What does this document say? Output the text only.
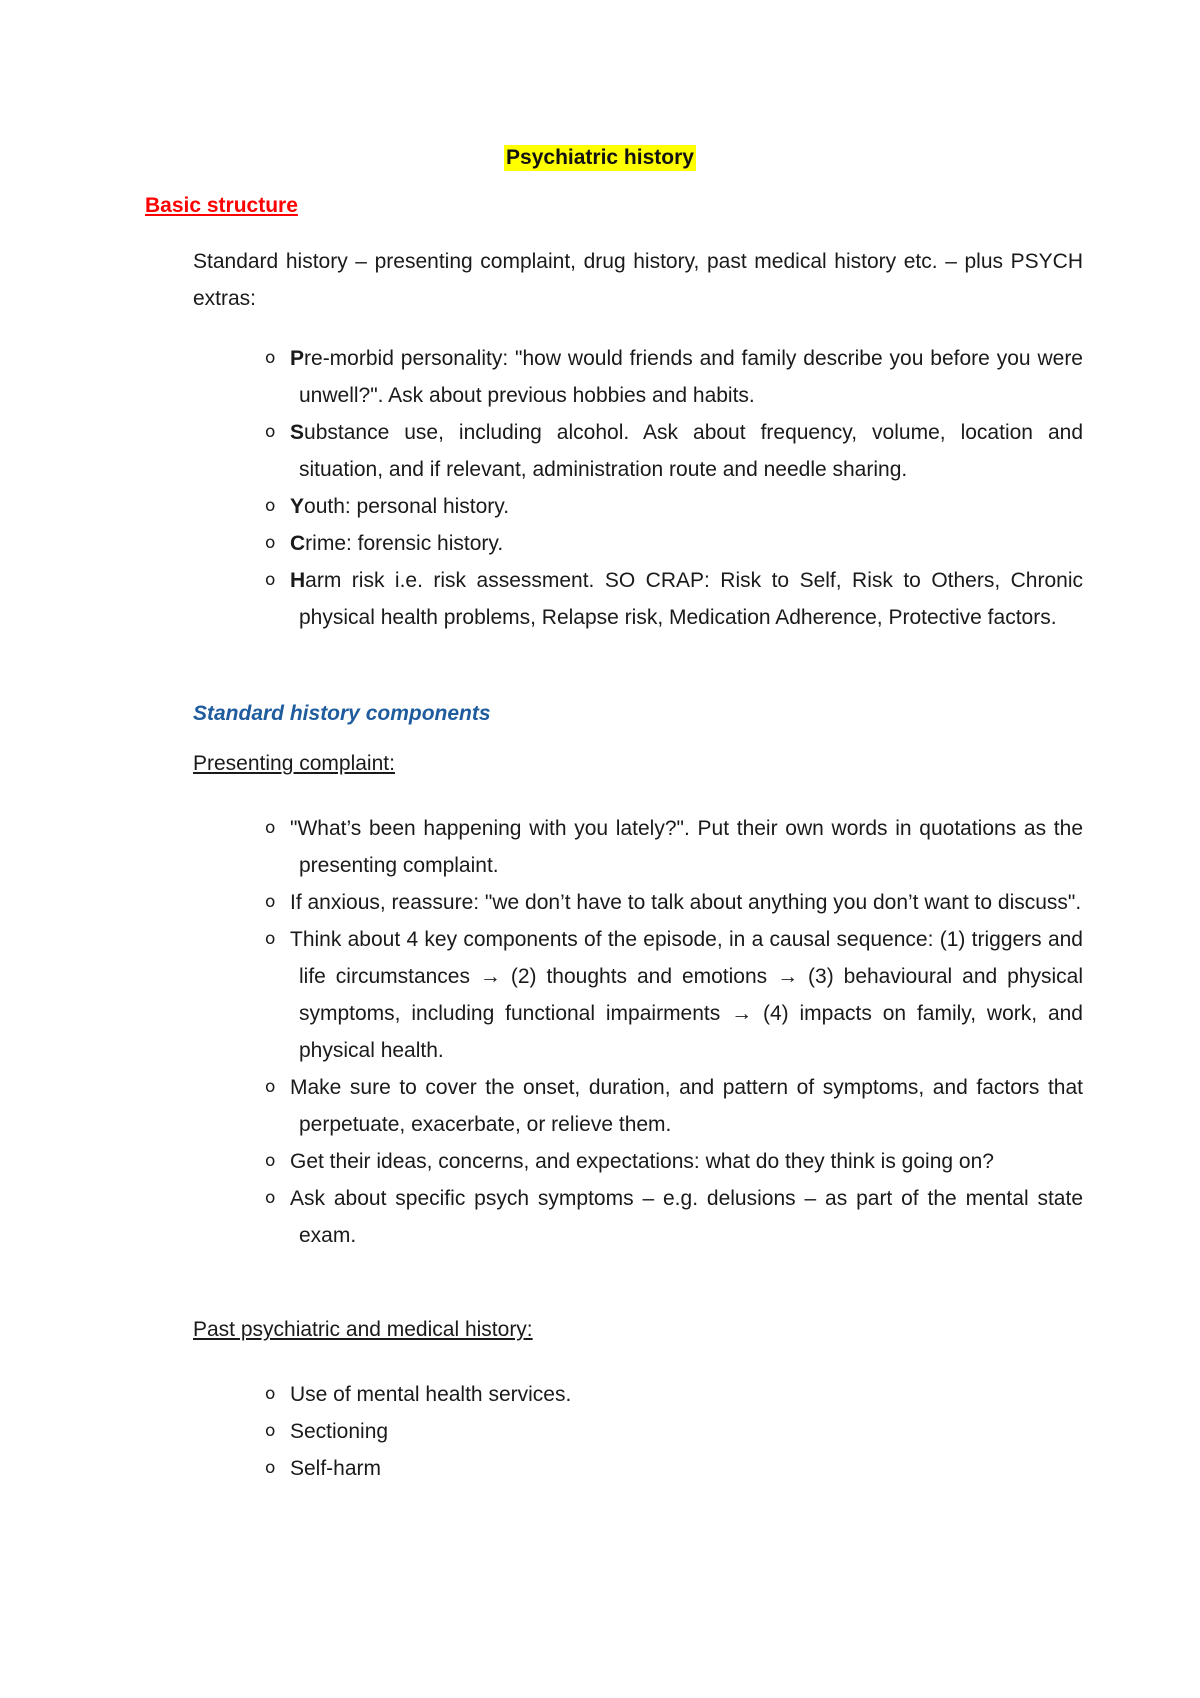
Psychiatric history
Basic structure
Standard history – presenting complaint, drug history, past medical history etc. – plus PSYCH extras:
o Pre-morbid personality: "how would friends and family describe you before you were unwell?". Ask about previous hobbies and habits.
o Substance use, including alcohol. Ask about frequency, volume, location and situation, and if relevant, administration route and needle sharing.
o Youth: personal history.
o Crime: forensic history.
o Harm risk i.e. risk assessment. SO CRAP: Risk to Self, Risk to Others, Chronic physical health problems, Relapse risk, Medication Adherence, Protective factors.
Standard history components
Presenting complaint:
o "What’s been happening with you lately?". Put their own words in quotations as the presenting complaint.
o If anxious, reassure: "we don’t have to talk about anything you don’t want to discuss".
o Think about 4 key components of the episode, in a causal sequence: (1) triggers and life circumstances → (2) thoughts and emotions → (3) behavioural and physical symptoms, including functional impairments → (4) impacts on family, work, and physical health.
o Make sure to cover the onset, duration, and pattern of symptoms, and factors that perpetuate, exacerbate, or relieve them.
o Get their ideas, concerns, and expectations: what do they think is going on?
o Ask about specific psych symptoms – e.g. delusions – as part of the mental state exam.
Past psychiatric and medical history:
o Use of mental health services.
o Sectioning
o Self-harm
